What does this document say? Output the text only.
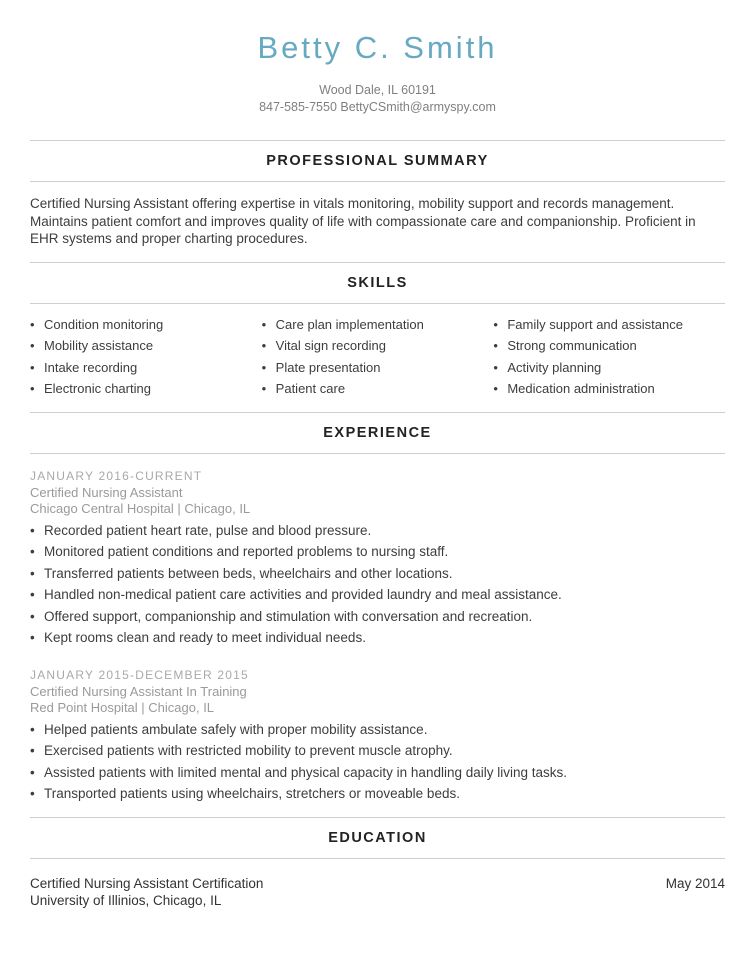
Betty C. Smith
Wood Dale, IL 60191
847-585-7550 BettyCSmith@armyspy.com
PROFESSIONAL SUMMARY

Certified Nursing Assistant offering expertise in vitals monitoring, mobility support and records management. Maintains patient comfort and improves quality of life with compassionate care and companionship. Proficient in EHR systems and proper charting procedures.

SKILLS
• Condition monitoring
• Mobility assistance
• Intake recording
• Electronic charting
• Care plan implementation
• Vital sign recording
• Plate presentation
• Patient care
• Family support and assistance
• Strong communication
• Activity planning
• Medication administration
EXPERIENCE
JANUARY 2016-CURRENT
Certified Nursing Assistant
Chicago Central Hospital | Chicago, IL
• Recorded patient heart rate, pulse and blood pressure.
• Monitored patient conditions and reported problems to nursing staff.
• Transferred patients between beds, wheelchairs and other locations.
• Handled non-medical patient care activities and provided laundry and meal assistance.
• Offered support, companionship and stimulation with conversation and recreation.
• Kept rooms clean and ready to meet individual needs.
JANUARY 2015-DECEMBER 2015
Certified Nursing Assistant In Training
Red Point Hospital | Chicago, IL
• Helped patients ambulate safely with proper mobility assistance.
• Exercised patients with restricted mobility to prevent muscle atrophy.
• Assisted patients with limited mental and physical capacity in handling daily living tasks.
• Transported patients using wheelchairs, stretchers or moveable beds.
EDUCATION
Certified Nursing Assistant Certification	May 2014
University of Illinios, Chicago, IL
